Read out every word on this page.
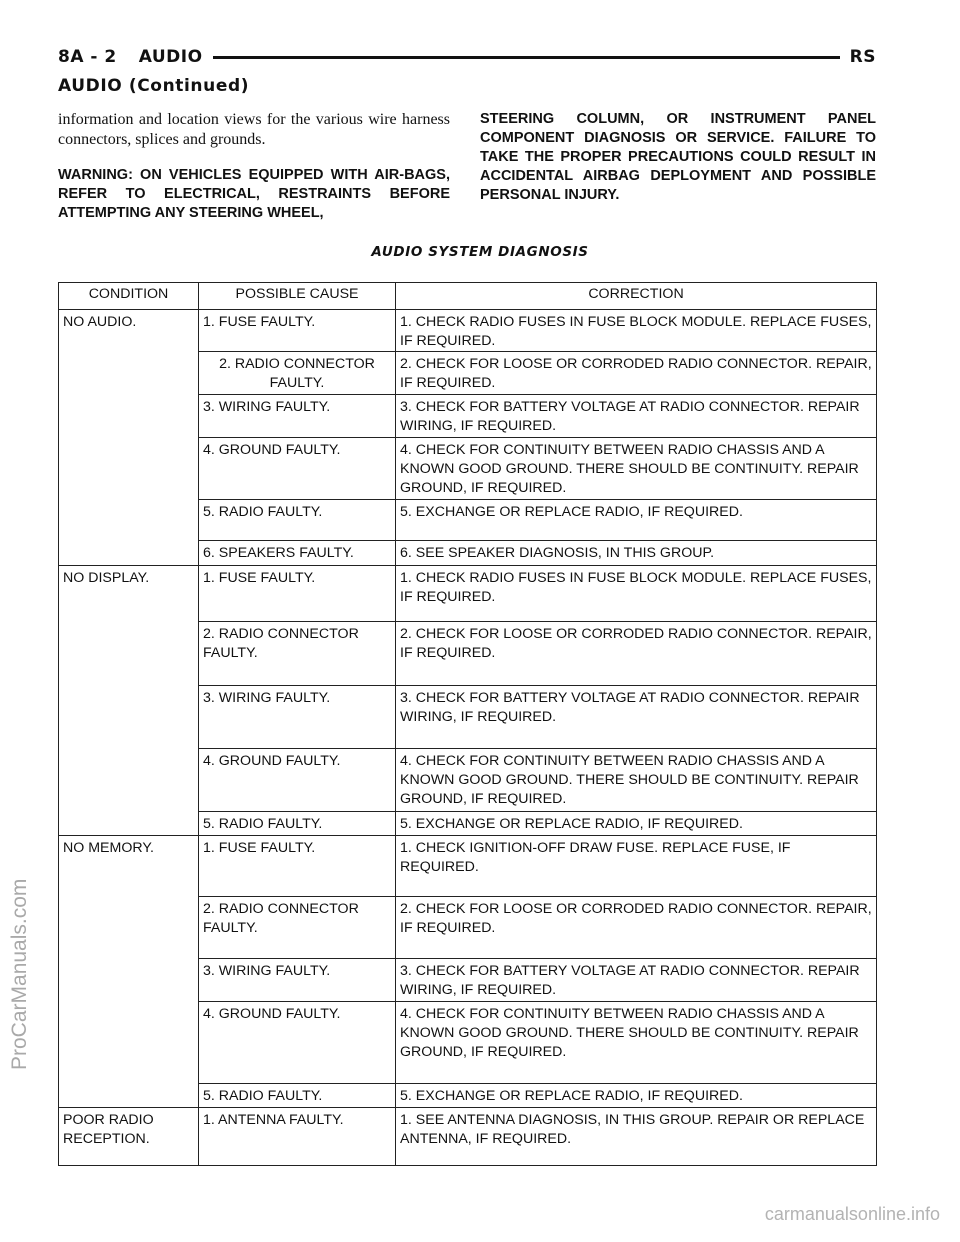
8A - 2 AUDIO	RS
AUDIO (Continued)

information and location views for the various wire harness connectors, splices and grounds.

WARNING: ON VEHICLES EQUIPPED WITH AIR-BAGS, REFER TO ELECTRICAL, RESTRAINTS BEFORE ATTEMPTING ANY STEERING WHEEL,

STEERING COLUMN, OR INSTRUMENT PANEL COMPONENT DIAGNOSIS OR SERVICE. FAILURE TO TAKE THE PROPER PRECAUTIONS COULD RESULT IN ACCIDENTAL AIRBAG DEPLOYMENT AND POSSIBLE PERSONAL INJURY.

AUDIO SYSTEM DIAGNOSIS
CONDITION	POSSIBLE CAUSE	CORRECTION
NO AUDIO.	1. FUSE FAULTY.	1. CHECK RADIO FUSES IN FUSE BLOCK MODULE. REPLACE FUSES, IF REQUIRED.
	2. RADIO CONNECTOR FAULTY.	2. CHECK FOR LOOSE OR CORRODED RADIO CONNECTOR. REPAIR, IF REQUIRED.
	3. WIRING FAULTY.	3. CHECK FOR BATTERY VOLTAGE AT RADIO CONNECTOR. REPAIR WIRING, IF REQUIRED.
	4. GROUND FAULTY.	4. CHECK FOR CONTINUITY BETWEEN RADIO CHASSIS AND A KNOWN GOOD GROUND. THERE SHOULD BE CONTINUITY. REPAIR GROUND, IF REQUIRED.
	5. RADIO FAULTY.	5. EXCHANGE OR REPLACE RADIO, IF REQUIRED.
	6. SPEAKERS FAULTY.	6. SEE SPEAKER DIAGNOSIS, IN THIS GROUP.
NO DISPLAY.	1. FUSE FAULTY.	1. CHECK RADIO FUSES IN FUSE BLOCK MODULE. REPLACE FUSES, IF REQUIRED.
	2. RADIO CONNECTOR FAULTY.	2. CHECK FOR LOOSE OR CORRODED RADIO CONNECTOR. REPAIR, IF REQUIRED.
	3. WIRING FAULTY.	3. CHECK FOR BATTERY VOLTAGE AT RADIO CONNECTOR. REPAIR WIRING, IF REQUIRED.
	4. GROUND FAULTY.	4. CHECK FOR CONTINUITY BETWEEN RADIO CHASSIS AND A KNOWN GOOD GROUND. THERE SHOULD BE CONTINUITY. REPAIR GROUND, IF REQUIRED.
	5. RADIO FAULTY.	5. EXCHANGE OR REPLACE RADIO, IF REQUIRED.
NO MEMORY.	1. FUSE FAULTY.	1. CHECK IGNITION-OFF DRAW FUSE. REPLACE FUSE, IF REQUIRED.
	2. RADIO CONNECTOR FAULTY.	2. CHECK FOR LOOSE OR CORRODED RADIO CONNECTOR. REPAIR, IF REQUIRED.
	3. WIRING FAULTY.	3. CHECK FOR BATTERY VOLTAGE AT RADIO CONNECTOR. REPAIR WIRING, IF REQUIRED.
	4. GROUND FAULTY.	4. CHECK FOR CONTINUITY BETWEEN RADIO CHASSIS AND A KNOWN GOOD GROUND. THERE SHOULD BE CONTINUITY. REPAIR GROUND, IF REQUIRED.
	5. RADIO FAULTY.	5. EXCHANGE OR REPLACE RADIO, IF REQUIRED.
POOR RADIO RECEPTION.	1. ANTENNA FAULTY.	1. SEE ANTENNA DIAGNOSIS, IN THIS GROUP. REPAIR OR REPLACE ANTENNA, IF REQUIRED.
ProCarManuals.com
carmanualsonline.info
